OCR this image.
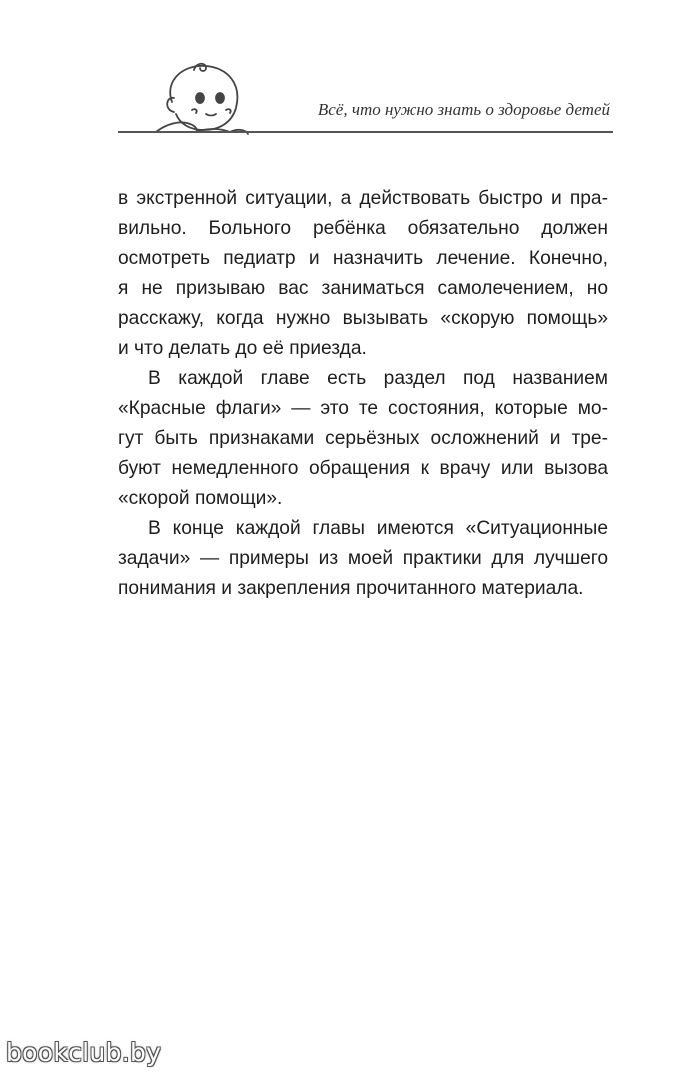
Всё, что нужно знать о здоровье детей
в экстренной ситуации, а действовать быстро и пра-
вильно. Больного ребёнка обязательно должен
осмотреть педиатр и назначить лечение. Конечно,
я не призываю вас заниматься самолечением, но
расскажу, когда нужно вызывать «скорую помощь»
и что делать до её приезда.
В каждой главе есть раздел под названием
«Красные флаги» — это те состояния, которые мо-
гут быть признаками серьёзных осложнений и тре-
буют немедленного обращения к врачу или вызова
«скорой помощи».
В конце каждой главы имеются «Ситуационные
задачи» — примеры из моей практики для лучшего
понимания и закрепления прочитанного материала.
bookclub.by
